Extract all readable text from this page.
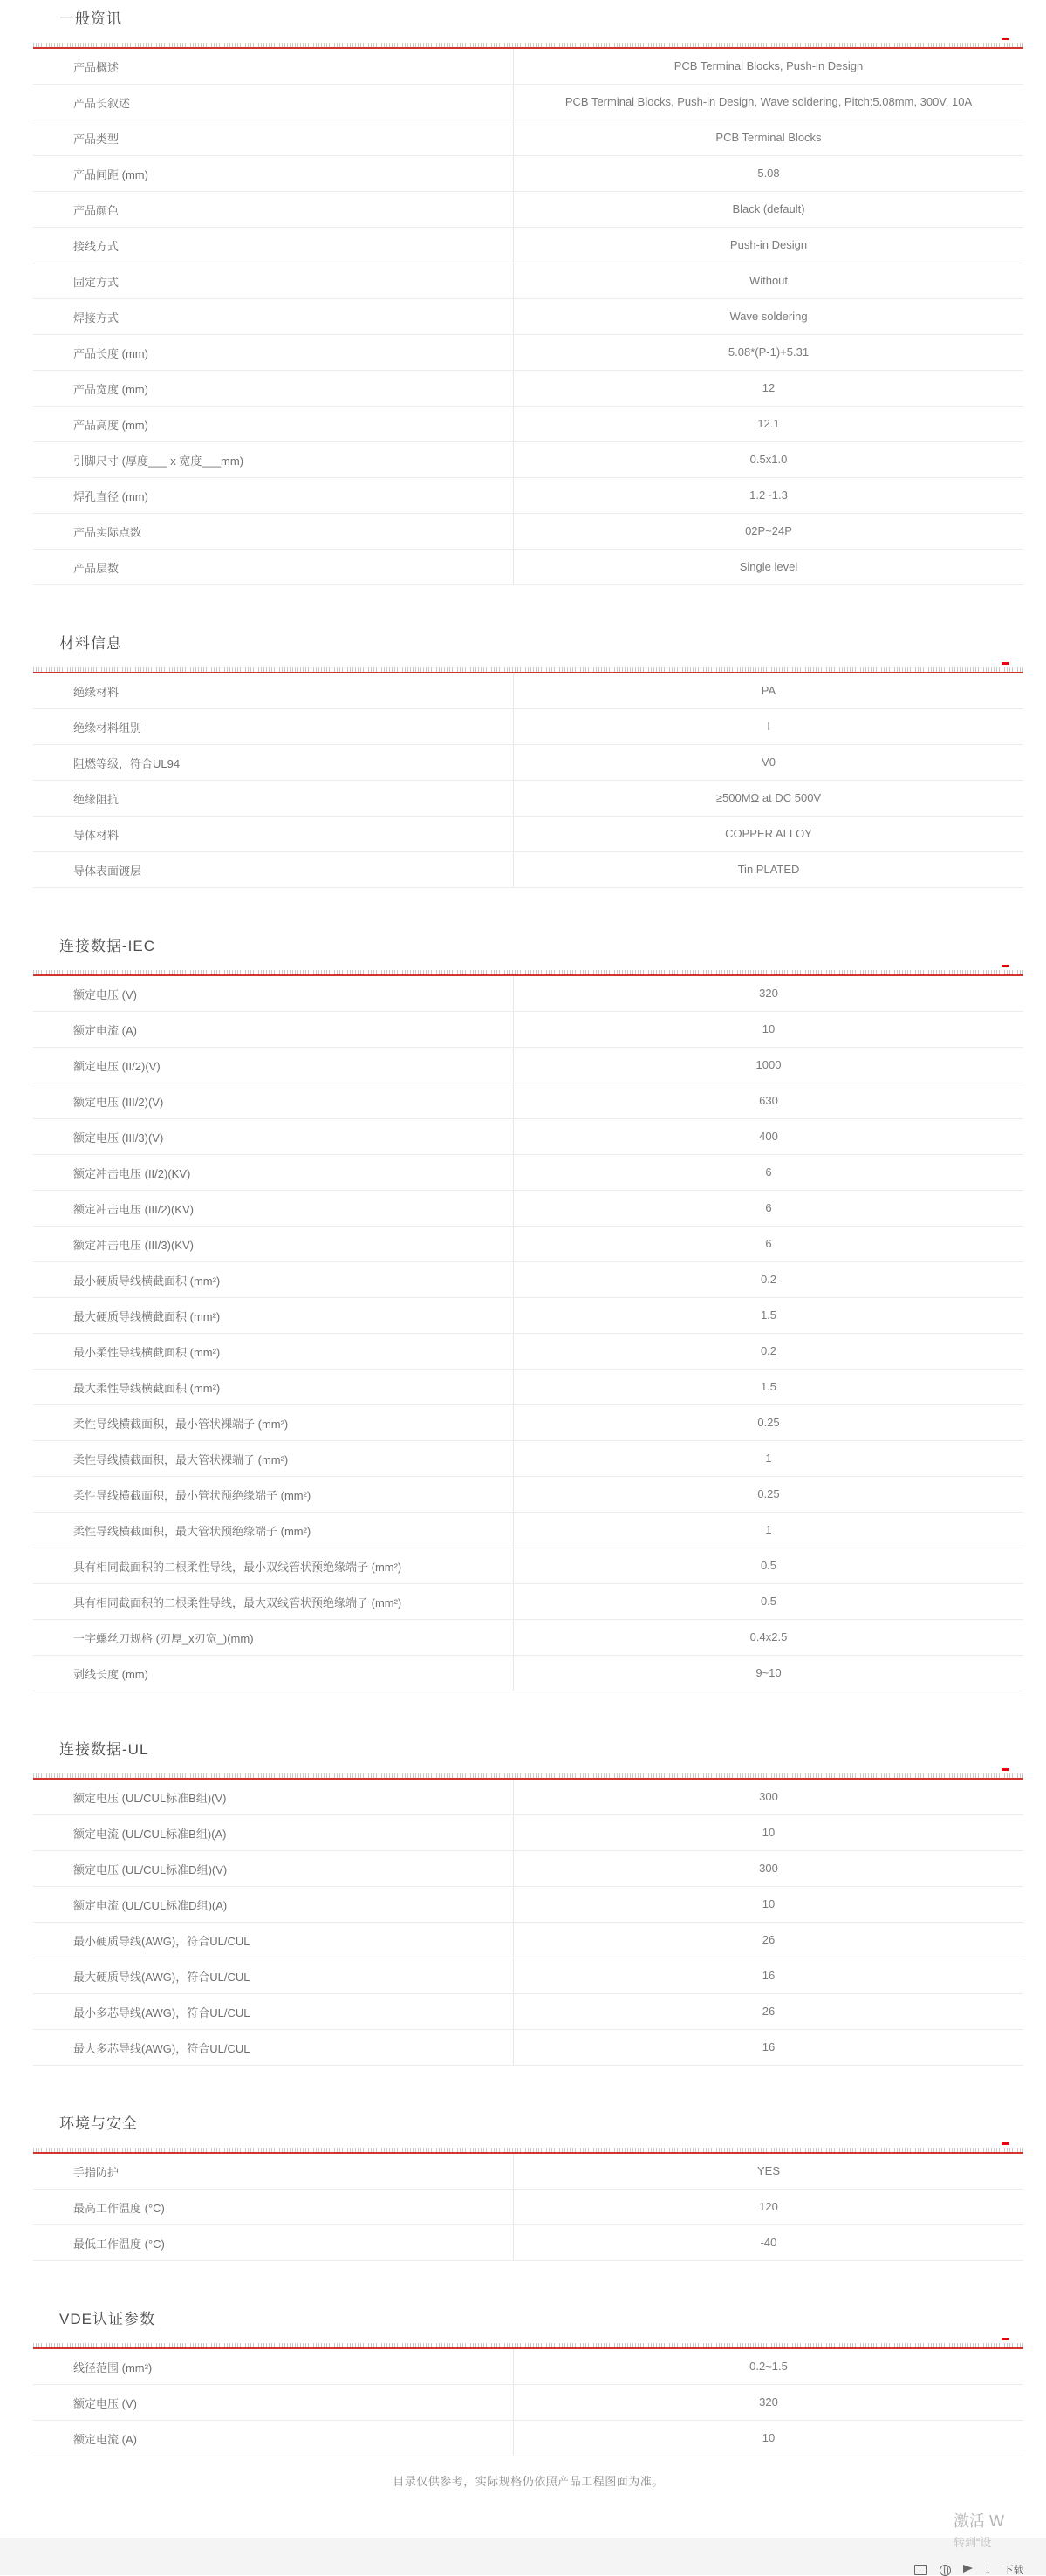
一般资讯
产品概述	PCB Terminal Blocks, Push-in Design
产品长叙述	PCB Terminal Blocks, Push-in Design, Wave soldering, Pitch:5.08mm, 300V, 10A
产品类型	PCB Terminal Blocks
产品间距 (mm)	5.08
产品颜色	Black (default)
接线方式	Push-in Design
固定方式	Without
焊接方式	Wave soldering
产品长度 (mm)	5.08*(P-1)+5.31
产品宽度 (mm)	12
产品高度 (mm)	12.1
引脚尺寸 (厚度___ x 宽度___mm)	0.5x1.0
焊孔直径 (mm)	1.2~1.3
产品实际点数	02P~24P
产品层数	Single level
材料信息
绝缘材料	PA
绝缘材料组别	I
阻燃等级，符合UL94	V0
绝缘阻抗	≥500MΩ at DC 500V
导体材料	COPPER ALLOY
导体表面镀层	Tin PLATED
连接数据-IEC
额定电压 (V)	320
额定电流 (A)	10
额定电压 (II/2)(V)	1000
额定电压 (III/2)(V)	630
额定电压 (III/3)(V)	400
额定冲击电压 (II/2)(KV)	6
额定冲击电压 (III/2)(KV)	6
额定冲击电压 (III/3)(KV)	6
最小硬质导线横截面积 (mm²)	0.2
最大硬质导线横截面积 (mm²)	1.5
最小柔性导线横截面积 (mm²)	0.2
最大柔性导线横截面积 (mm²)	1.5
柔性导线横截面积，最小管状裸端子 (mm²)	0.25
柔性导线横截面积，最大管状裸端子 (mm²)	1
柔性导线横截面积，最小管状预绝缘端子 (mm²)	0.25
柔性导线横截面积，最大管状预绝缘端子 (mm²)	1
具有相同截面积的二根柔性导线，最小双线管状预绝缘端子 (mm²)	0.5
具有相同截面积的二根柔性导线，最大双线管状预绝缘端子 (mm²)	0.5
一字螺丝刀规格 (刃厚_x刃宽_)(mm)	0.4x2.5
剥线长度 (mm)	9~10
连接数据-UL
额定电压 (UL/CUL标准B组)(V)	300
额定电流 (UL/CUL标准B组)(A)	10
额定电压 (UL/CUL标准D组)(V)	300
额定电流 (UL/CUL标准D组)(A)	10
最小硬质导线(AWG)，符合UL/CUL	26
最大硬质导线(AWG)，符合UL/CUL	16
最小多芯导线(AWG)，符合UL/CUL	26
最大多芯导线(AWG)，符合UL/CUL	16
环境与安全
手指防护	YES
最高工作温度 (°C)	120
最低工作温度 (°C)	-40
VDE认证参数
线径范围 (mm²)	0.2~1.5
额定电压 (V)	320
额定电流 (A)	10
目录仅供参考，实际规格仍依照产品工程图面为准。
激活 W
转到“设
↓ 下载
